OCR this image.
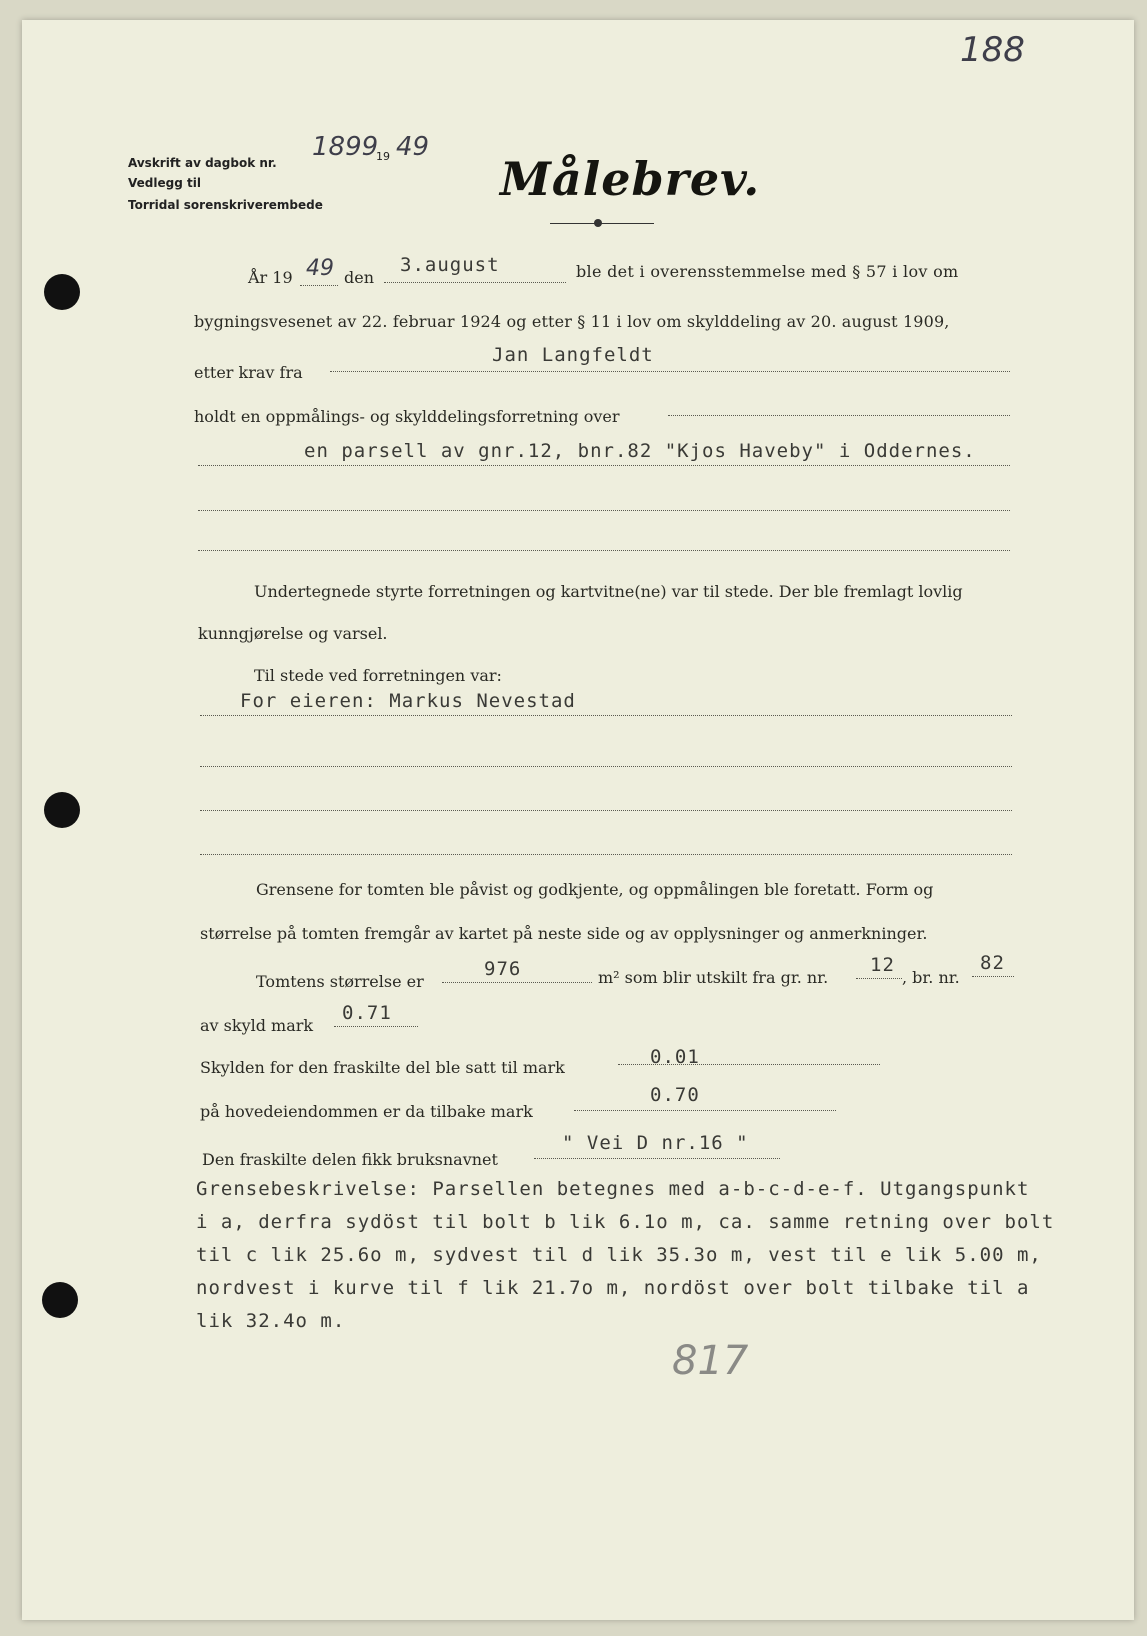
188
Avskrift av dagbok nr.
1899
19 49
Vedlegg til
Torridal sorenskriverembede	Målebrev.
År 19 49 den
3.august	ble det i overensstemmelse med § 57 i lov om
bygningsvesenet av 22. februar 1924 og etter § 11 i lov om skylddeling av 20. august 1909,
etter krav fra
Jan Langfeldt
holdt en oppmålings- og skylddelingsforretning over
en parsell av gnr.12, bnr.82 "Kjos Haveby" i Oddernes.
Undertegnede styrte forretningen og kartvitne(ne) var til stede. Der ble fremlagt lovlig
kunngjørelse og varsel.
Til stede ved forretningen var:
For eieren: Markus Nevestad
Grensene for tomten ble påvist og godkjente, og oppmålingen ble foretatt. Form og
størrelse på tomten fremgår av kartet på neste side og av opplysninger og anmerkninger.
Tomtens størrelse er
976	m² som blir utskilt fra gr. nr.
12
, br. nr.
82
av skyld mark
0.71
Skylden for den fraskilte del ble satt til mark	0.01
på hovedeiendommen er da tilbake mark
0.70
Den fraskilte delen fikk bruksnavnet
" Vei D nr.16 "
Grensebeskrivelse: Parsellen betegnes med a-b-c-d-e-f. Utgangspunkt
i a, derfra sydöst til bolt b lik 6.1o m, ca. samme retning over bolt
til c lik 25.6o m, sydvest til d lik 35.3o m, vest til e lik 5.00 m,
nordvest i kurve til f lik 21.7o m, nordöst over bolt tilbake til a
lik 32.4o m.
817
